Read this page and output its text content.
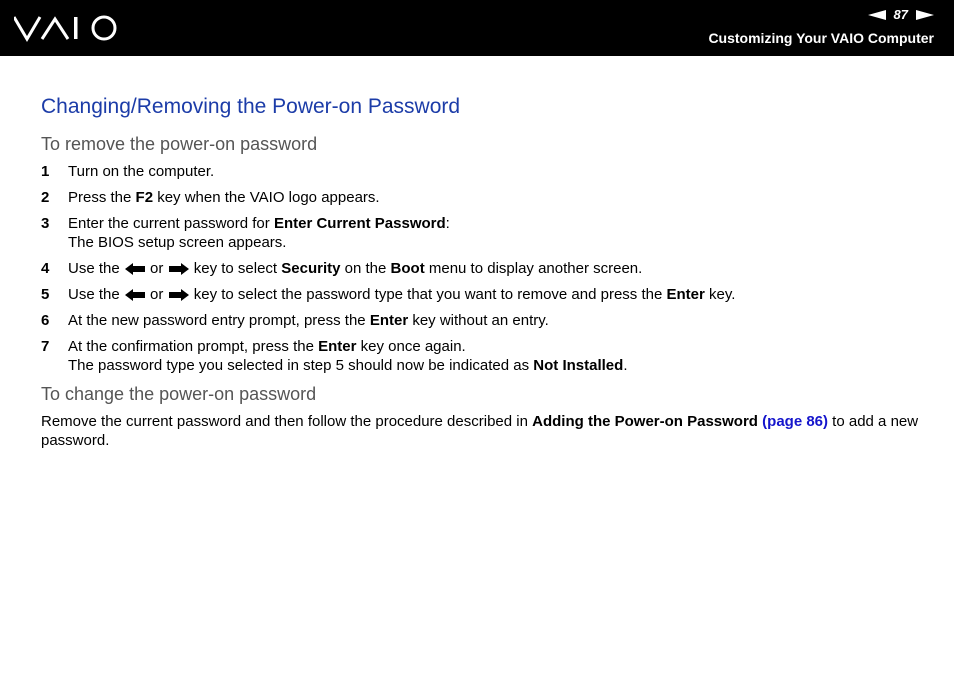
87
Customizing Your VAIO Computer
Changing/Removing the Power-on Password
To remove the power-on password
1	Turn on the computer.
2	Press the F2 key when the VAIO logo appears.
3	Enter the current password for Enter Current Password:
The BIOS setup screen appears.
4	Use the or  key to select Security on the Boot menu to display another screen.
5	Use the or  key to select the password type that you want to remove and press the Enter key.
6	At the new password entry prompt, press the Enter key without an entry.
7	At the confirmation prompt, press the Enter key once again.
The password type you selected in step 5 should now be indicated as Not Installed.
To change the power-on password
Remove the current password and then follow the procedure described in Adding the Power-on Password (page 86) to add a new password.
